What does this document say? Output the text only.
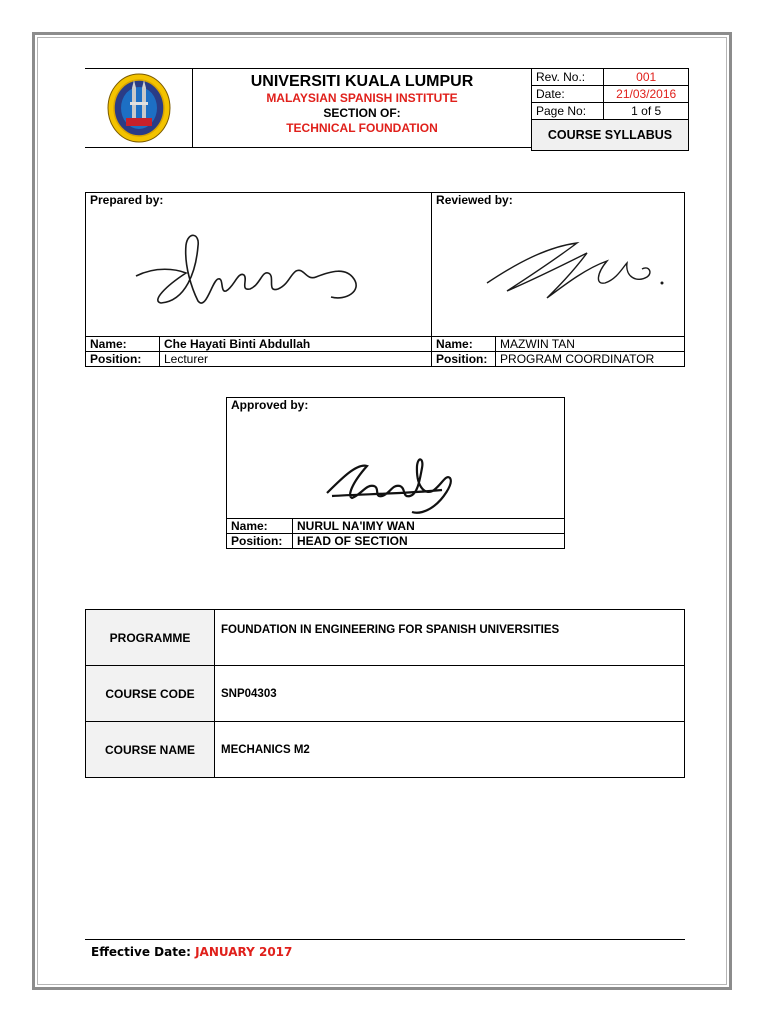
UNIVERSITI KUALA LUMPUR
MALAYSIAN SPANISH INSTITUTE
SECTION OF:
TECHNICAL FOUNDATION
Rev. No.:	001
Date:	21/03/2016
Page No:	1 of 5
COURSE SYLLABUS	
Prepared by:		Reviewed by:	

Name:	Che Hayati Binti Abdullah	Name:	MAZWIN TAN
Position:	Lecturer	Position:	PROGRAM COORDINATOR
Approved by:	

Name:	NURUL NA'IMY WAN
Position:	HEAD OF SECTION
PROGRAMME	FOUNDATION IN ENGINEERING FOR SPANISH UNIVERSITIES
COURSE CODE	SNP04303
COURSE NAME	MECHANICS M2
Effective Date: JANUARY 2017
